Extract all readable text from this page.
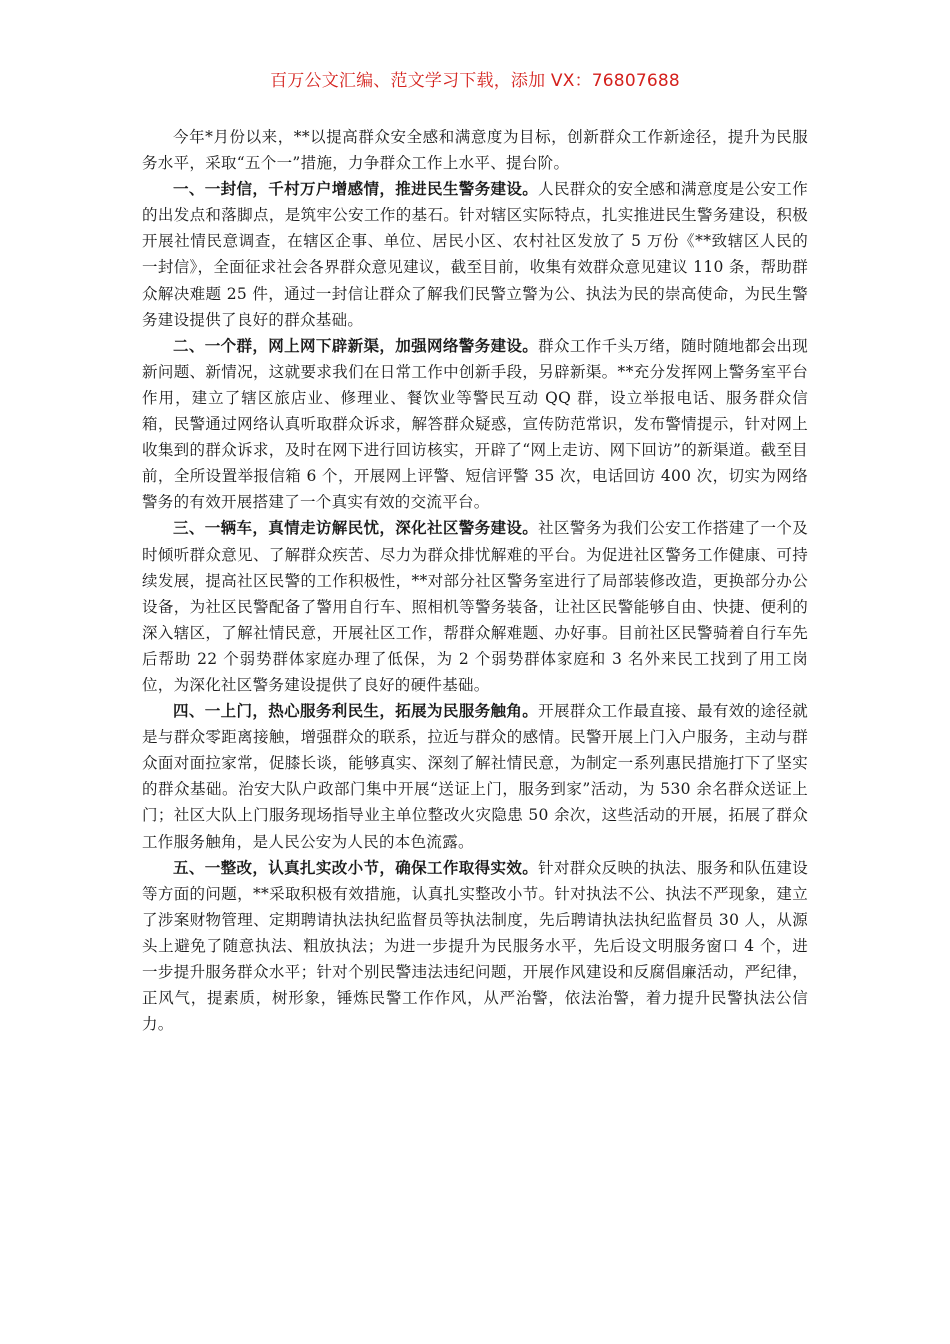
百万公文汇编、范文学习下载，添加 VX：76807688

今年*月份以来，**以提高群众安全感和满意度为目标，创新群众工作新途径，提升为民服务水平，采取“五个一”措施，力争群众工作上水平、提台阶。

一、一封信，千村万户增感情，推进民生警务建设。人民群众的安全感和满意度是公安工作的出发点和落脚点，是筑牢公安工作的基石。针对辖区实际特点，扎实推进民生警务建设，积极开展社情民意调查，在辖区企事、单位、居民小区、农村社区发放了 5 万份《**致辖区人民的一封信》，全面征求社会各界群众意见建议，截至目前，收集有效群众意见建议 110 条，帮助群众解决难题 25 件，通过一封信让群众了解我们民警立警为公、执法为民的崇高使命，为民生警务建设提供了良好的群众基础。

二、一个群，网上网下辟新渠，加强网络警务建设。群众工作千头万绪，随时随地都会出现新问题、新情况，这就要求我们在日常工作中创新手段，另辟新渠。**充分发挥网上警务室平台作用，建立了辖区旅店业、修理业、餐饮业等警民互动 QQ 群，设立举报电话、服务群众信箱，民警通过网络认真听取群众诉求，解答群众疑惑，宣传防范常识，发布警情提示，针对网上收集到的群众诉求，及时在网下进行回访核实，开辟了“网上走访、网下回访”的新渠道。截至目前，全所设置举报信箱 6 个，开展网上评警、短信评警 35 次，电话回访 400 次，切实为网络警务的有效开展搭建了一个真实有效的交流平台。

三、一辆车，真情走访解民忧，深化社区警务建设。社区警务为我们公安工作搭建了一个及时倾听群众意见、了解群众疾苦、尽力为群众排忧解难的平台。为促进社区警务工作健康、可持续发展，提高社区民警的工作积极性，**对部分社区警务室进行了局部装修改造，更换部分办公设备，为社区民警配备了警用自行车、照相机等警务装备，让社区民警能够自由、快捷、便利的深入辖区，了解社情民意，开展社区工作，帮群众解难题、办好事。目前社区民警骑着自行车先后帮助 22 个弱势群体家庭办理了低保，为 2 个弱势群体家庭和 3 名外来民工找到了用工岗位，为深化社区警务建设提供了良好的硬件基础。

四、一上门，热心服务利民生，拓展为民服务触角。开展群众工作最直接、最有效的途径就是与群众零距离接触，增强群众的联系，拉近与群众的感情。民警开展上门入户服务，主动与群众面对面拉家常，促膝长谈，能够真实、深刻了解社情民意，为制定一系列惠民措施打下了坚实的群众基础。治安大队户政部门集中开展“送证上门，服务到家”活动，为 530 余名群众送证上门；社区大队上门服务现场指导业主单位整改火灾隐患 50 余次，这些活动的开展，拓展了群众工作服务触角，是人民公安为人民的本色流露。

五、一整改，认真扎实改小节，确保工作取得实效。针对群众反映的执法、服务和队伍建设等方面的问题，**采取积极有效措施，认真扎实整改小节。针对执法不公、执法不严现象，建立了涉案财物管理、定期聘请执法执纪监督员等执法制度，先后聘请执法执纪监督员 30 人，从源头上避免了随意执法、粗放执法；为进一步提升为民服务水平，先后设文明服务窗口 4 个，进一步提升服务群众水平；针对个别民警违法违纪问题，开展作风建设和反腐倡廉活动，严纪律，正风气，提素质，树形象，锤炼民警工作作风，从严治警，依法治警，着力提升民警执法公信力。
